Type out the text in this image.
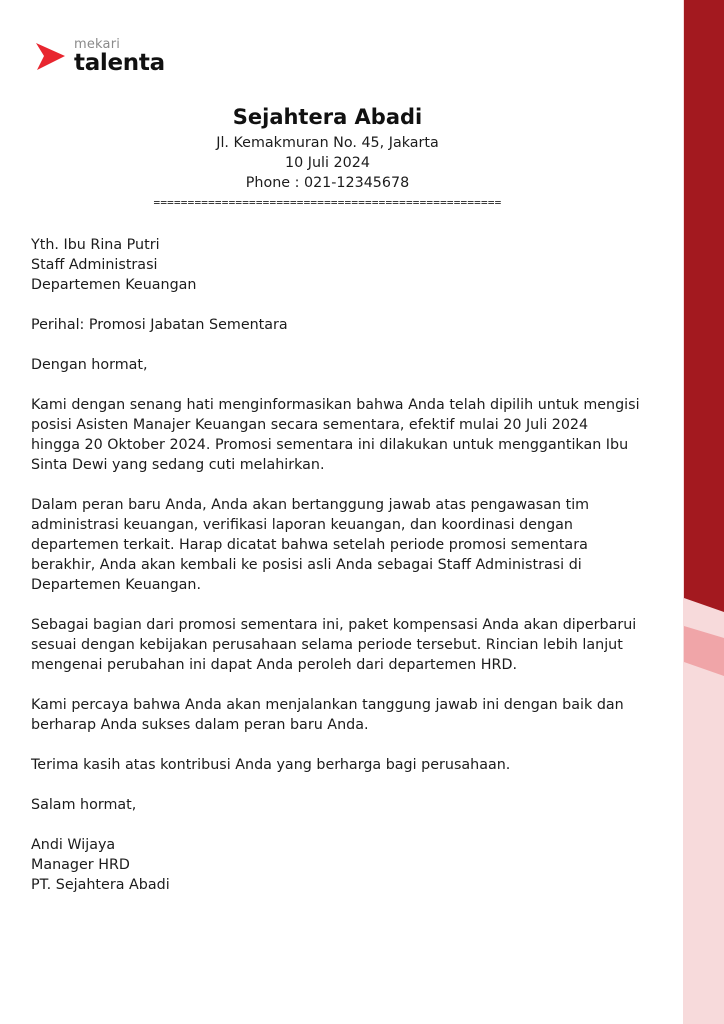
mekari
talenta
Sejahtera Abadi
Jl. Kemakmuran No. 45, Jakarta
10 Juli 2024
Phone : 021-12345678
===================================================

Yth. Ibu Rina Putri

Staff Administrasi

Departemen Keuangan

Perihal: Promosi Jabatan Sementara

Dengan hormat,

Kami dengan senang hati menginformasikan bahwa Anda telah dipilih untuk mengisi posisi Asisten Manajer Keuangan secara sementara, efektif mulai 20 Juli 2024 hingga 20 Oktober 2024. Promosi sementara ini dilakukan untuk menggantikan Ibu Sinta Dewi yang sedang cuti melahirkan.

Dalam peran baru Anda, Anda akan bertanggung jawab atas pengawasan tim administrasi keuangan, verifikasi laporan keuangan, dan koordinasi dengan departemen terkait. Harap dicatat bahwa setelah periode promosi sementara berakhir, Anda akan kembali ke posisi asli Anda sebagai Staff Administrasi di Departemen Keuangan.

Sebagai bagian dari promosi sementara ini, paket kompensasi Anda akan diperbarui sesuai dengan kebijakan perusahaan selama periode tersebut. Rincian lebih lanjut mengenai perubahan ini dapat Anda peroleh dari departemen HRD.

Kami percaya bahwa Anda akan menjalankan tanggung jawab ini dengan baik dan berharap Anda sukses dalam peran baru Anda.

Terima kasih atas kontribusi Anda yang berharga bagi perusahaan.

Salam hormat,

Andi Wijaya

Manager HRD

PT. Sejahtera Abadi
